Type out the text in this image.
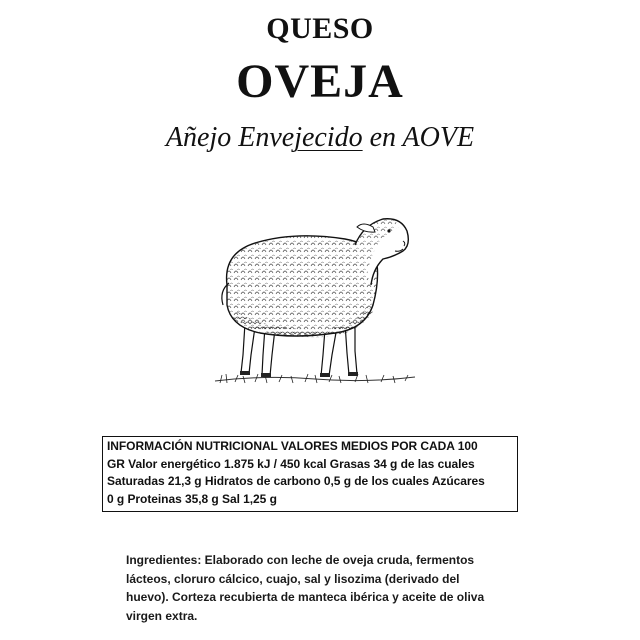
QUESO
OVEJA
Añejo Envejecido en AOVE
INFORMACIÓN NUTRICIONAL VALORES MEDIOS POR CADA 100
GR Valor energético 1.875 kJ / 450 kcal Grasas 34 g de las cuales
Saturadas 21,3 g Hidratos de carbono 0,5 g de los cuales Azúcares
0 g Proteinas 35,8 g Sal 1,25 g
Ingredientes: Elaborado con leche de oveja cruda, fermentos
lácteos, cloruro cálcico, cuajo, sal y lisozima (derivado del
huevo). Corteza recubierta de manteca ibérica y aceite de oliva
virgen extra.
